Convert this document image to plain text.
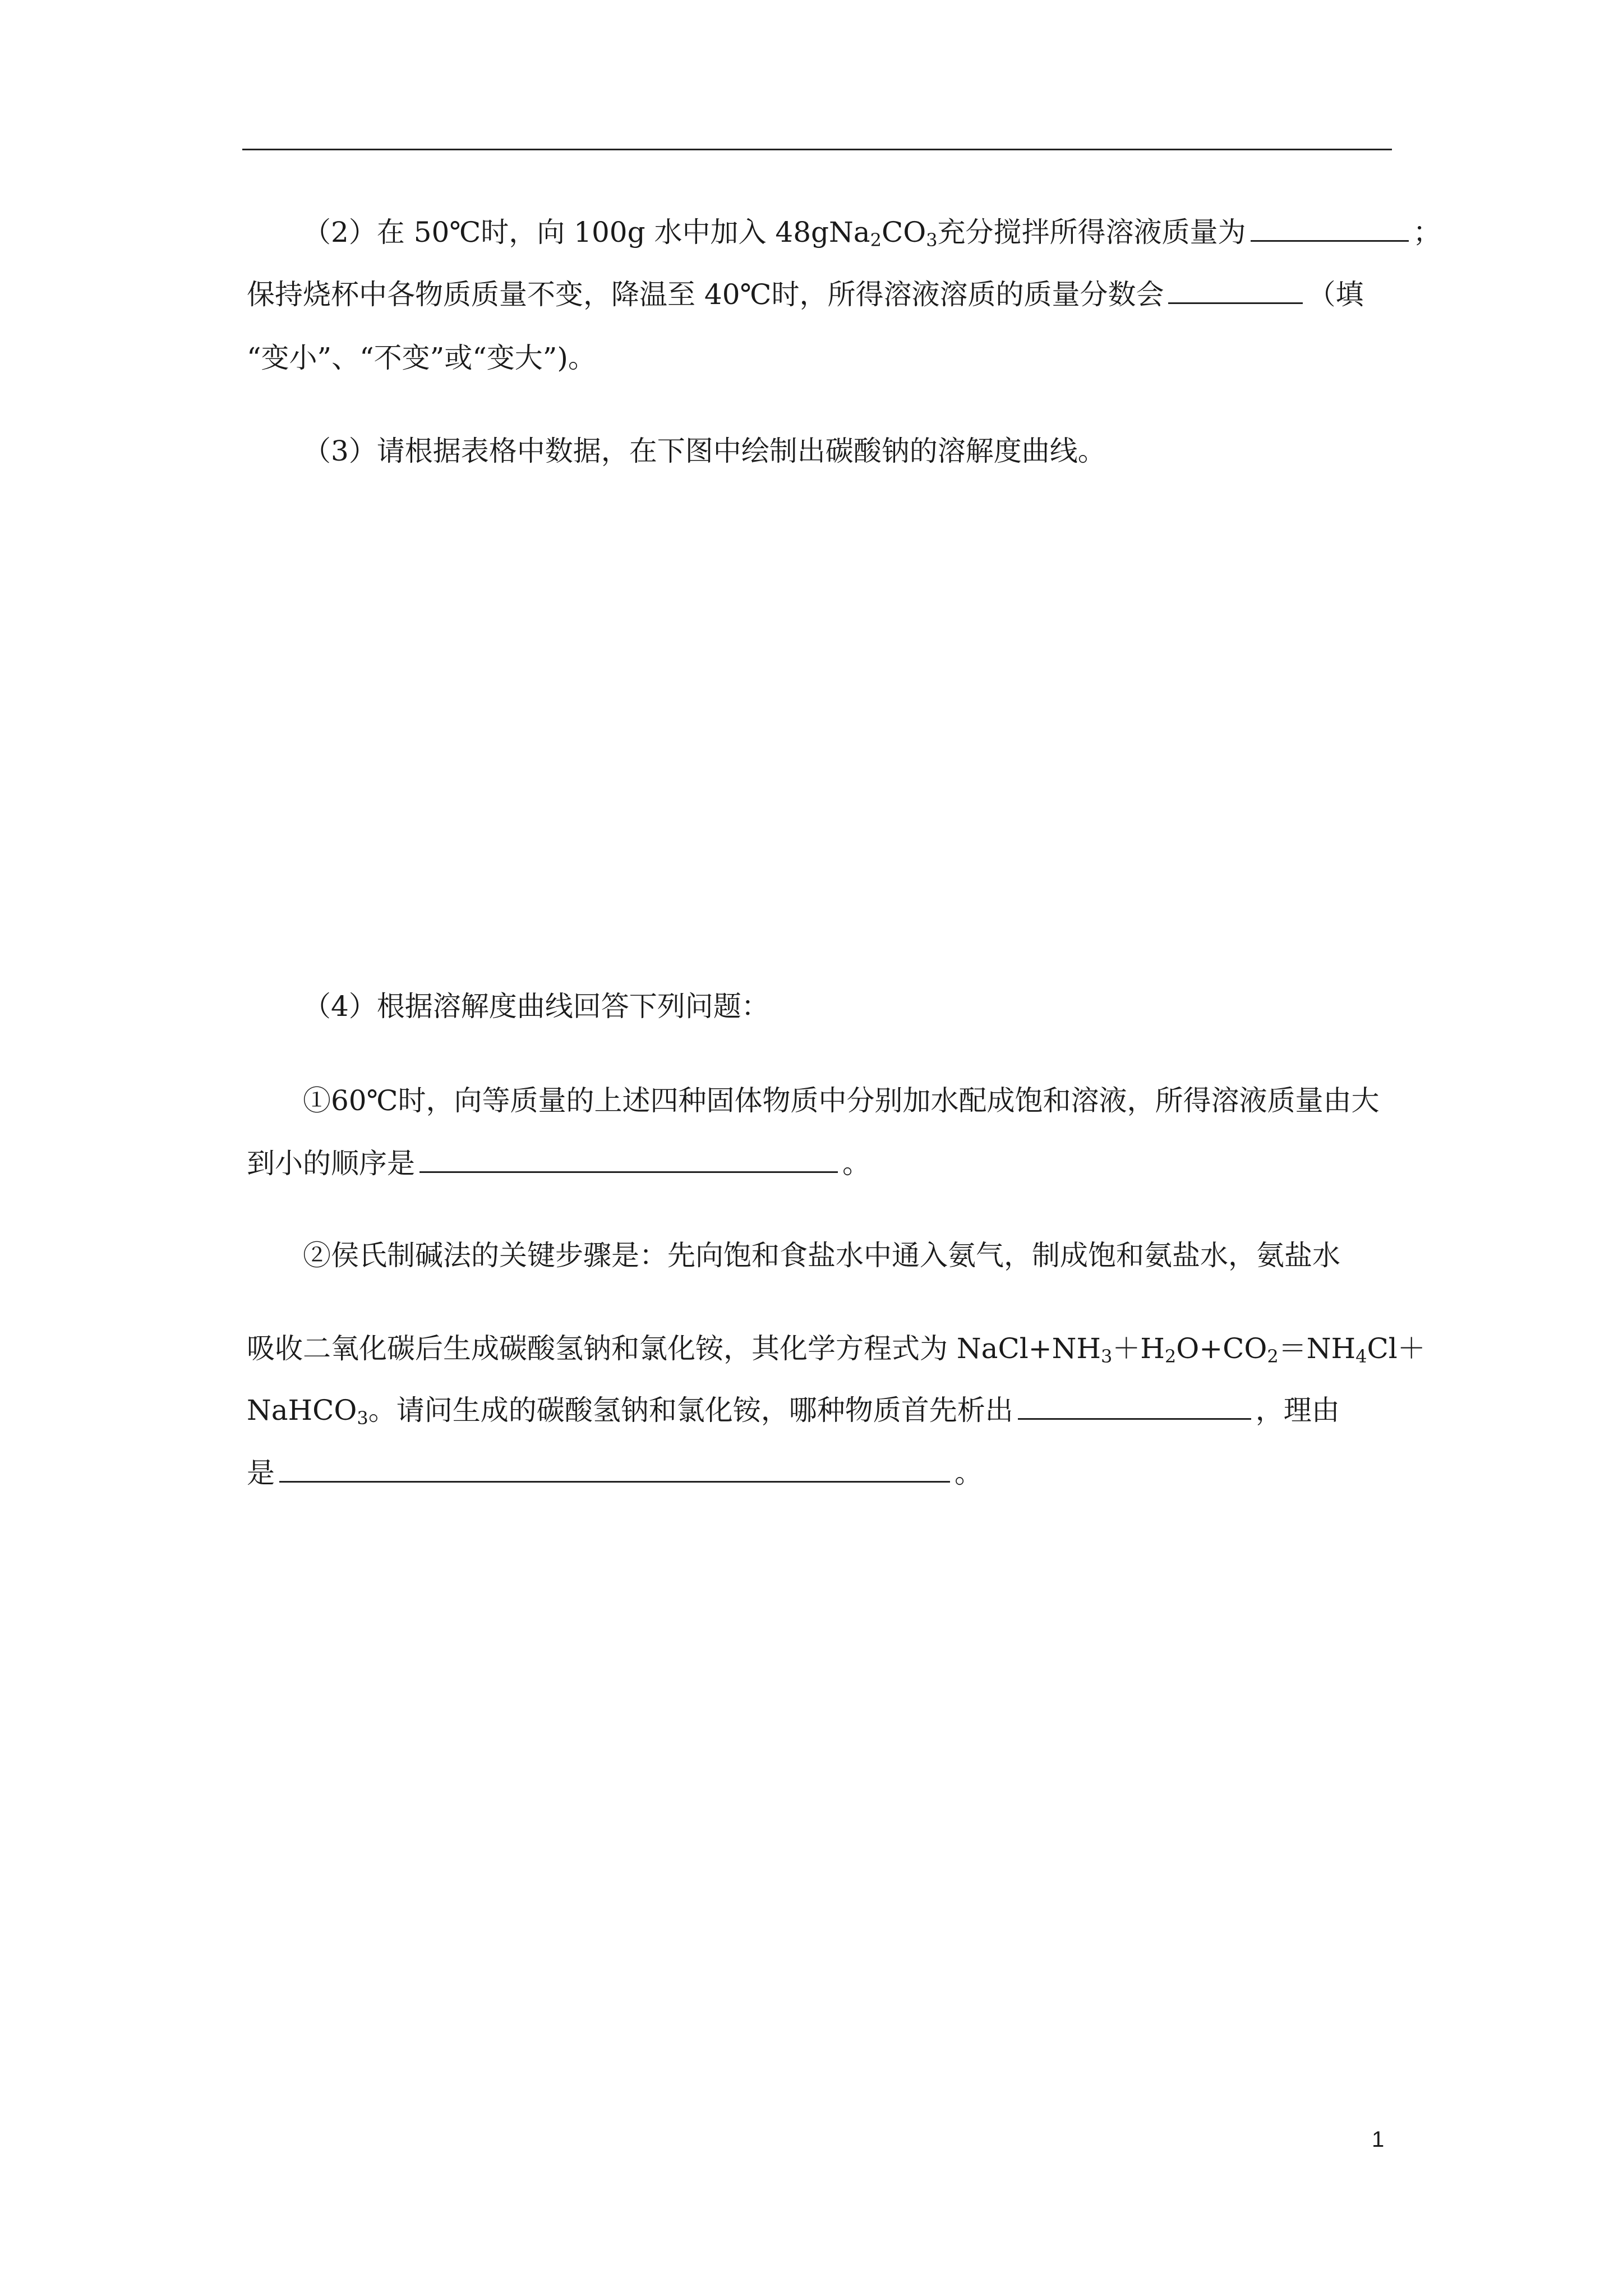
（2）在 50℃时，向 100g 水中加入 $48gNa_2CO_3$充分搅拌所得溶液质量为	；
保持烧杯中各物质质量不变，降温至 40℃时，所得溶液溶质的质量分数会	（填
“变小”、“不变”或“变大”)。
（3）请根据表格中数据，在下图中绘制出碳酸钠的溶解度曲线。
（4）根据溶解度曲线回答下列问题：
①60℃时，向等质量的上述四种固体物质中分别加水配成饱和溶液，所得溶液质量由大
到小的顺序是	。
②侯氏制碱法的关键步骤是：先向饱和食盐水中通入氨气，制成饱和氨盐水，氨盐水
吸收二氧化碳后生成碳酸氢钠和氯化铵，其化学方程式为 $NaCl+NH_3+H_2O+CO_2=NH_4Cl+$
NaHCO$_3$。请问生成的碳酸氢钠和氯化铵，哪种物质首先析出	，理由
是	。
1
